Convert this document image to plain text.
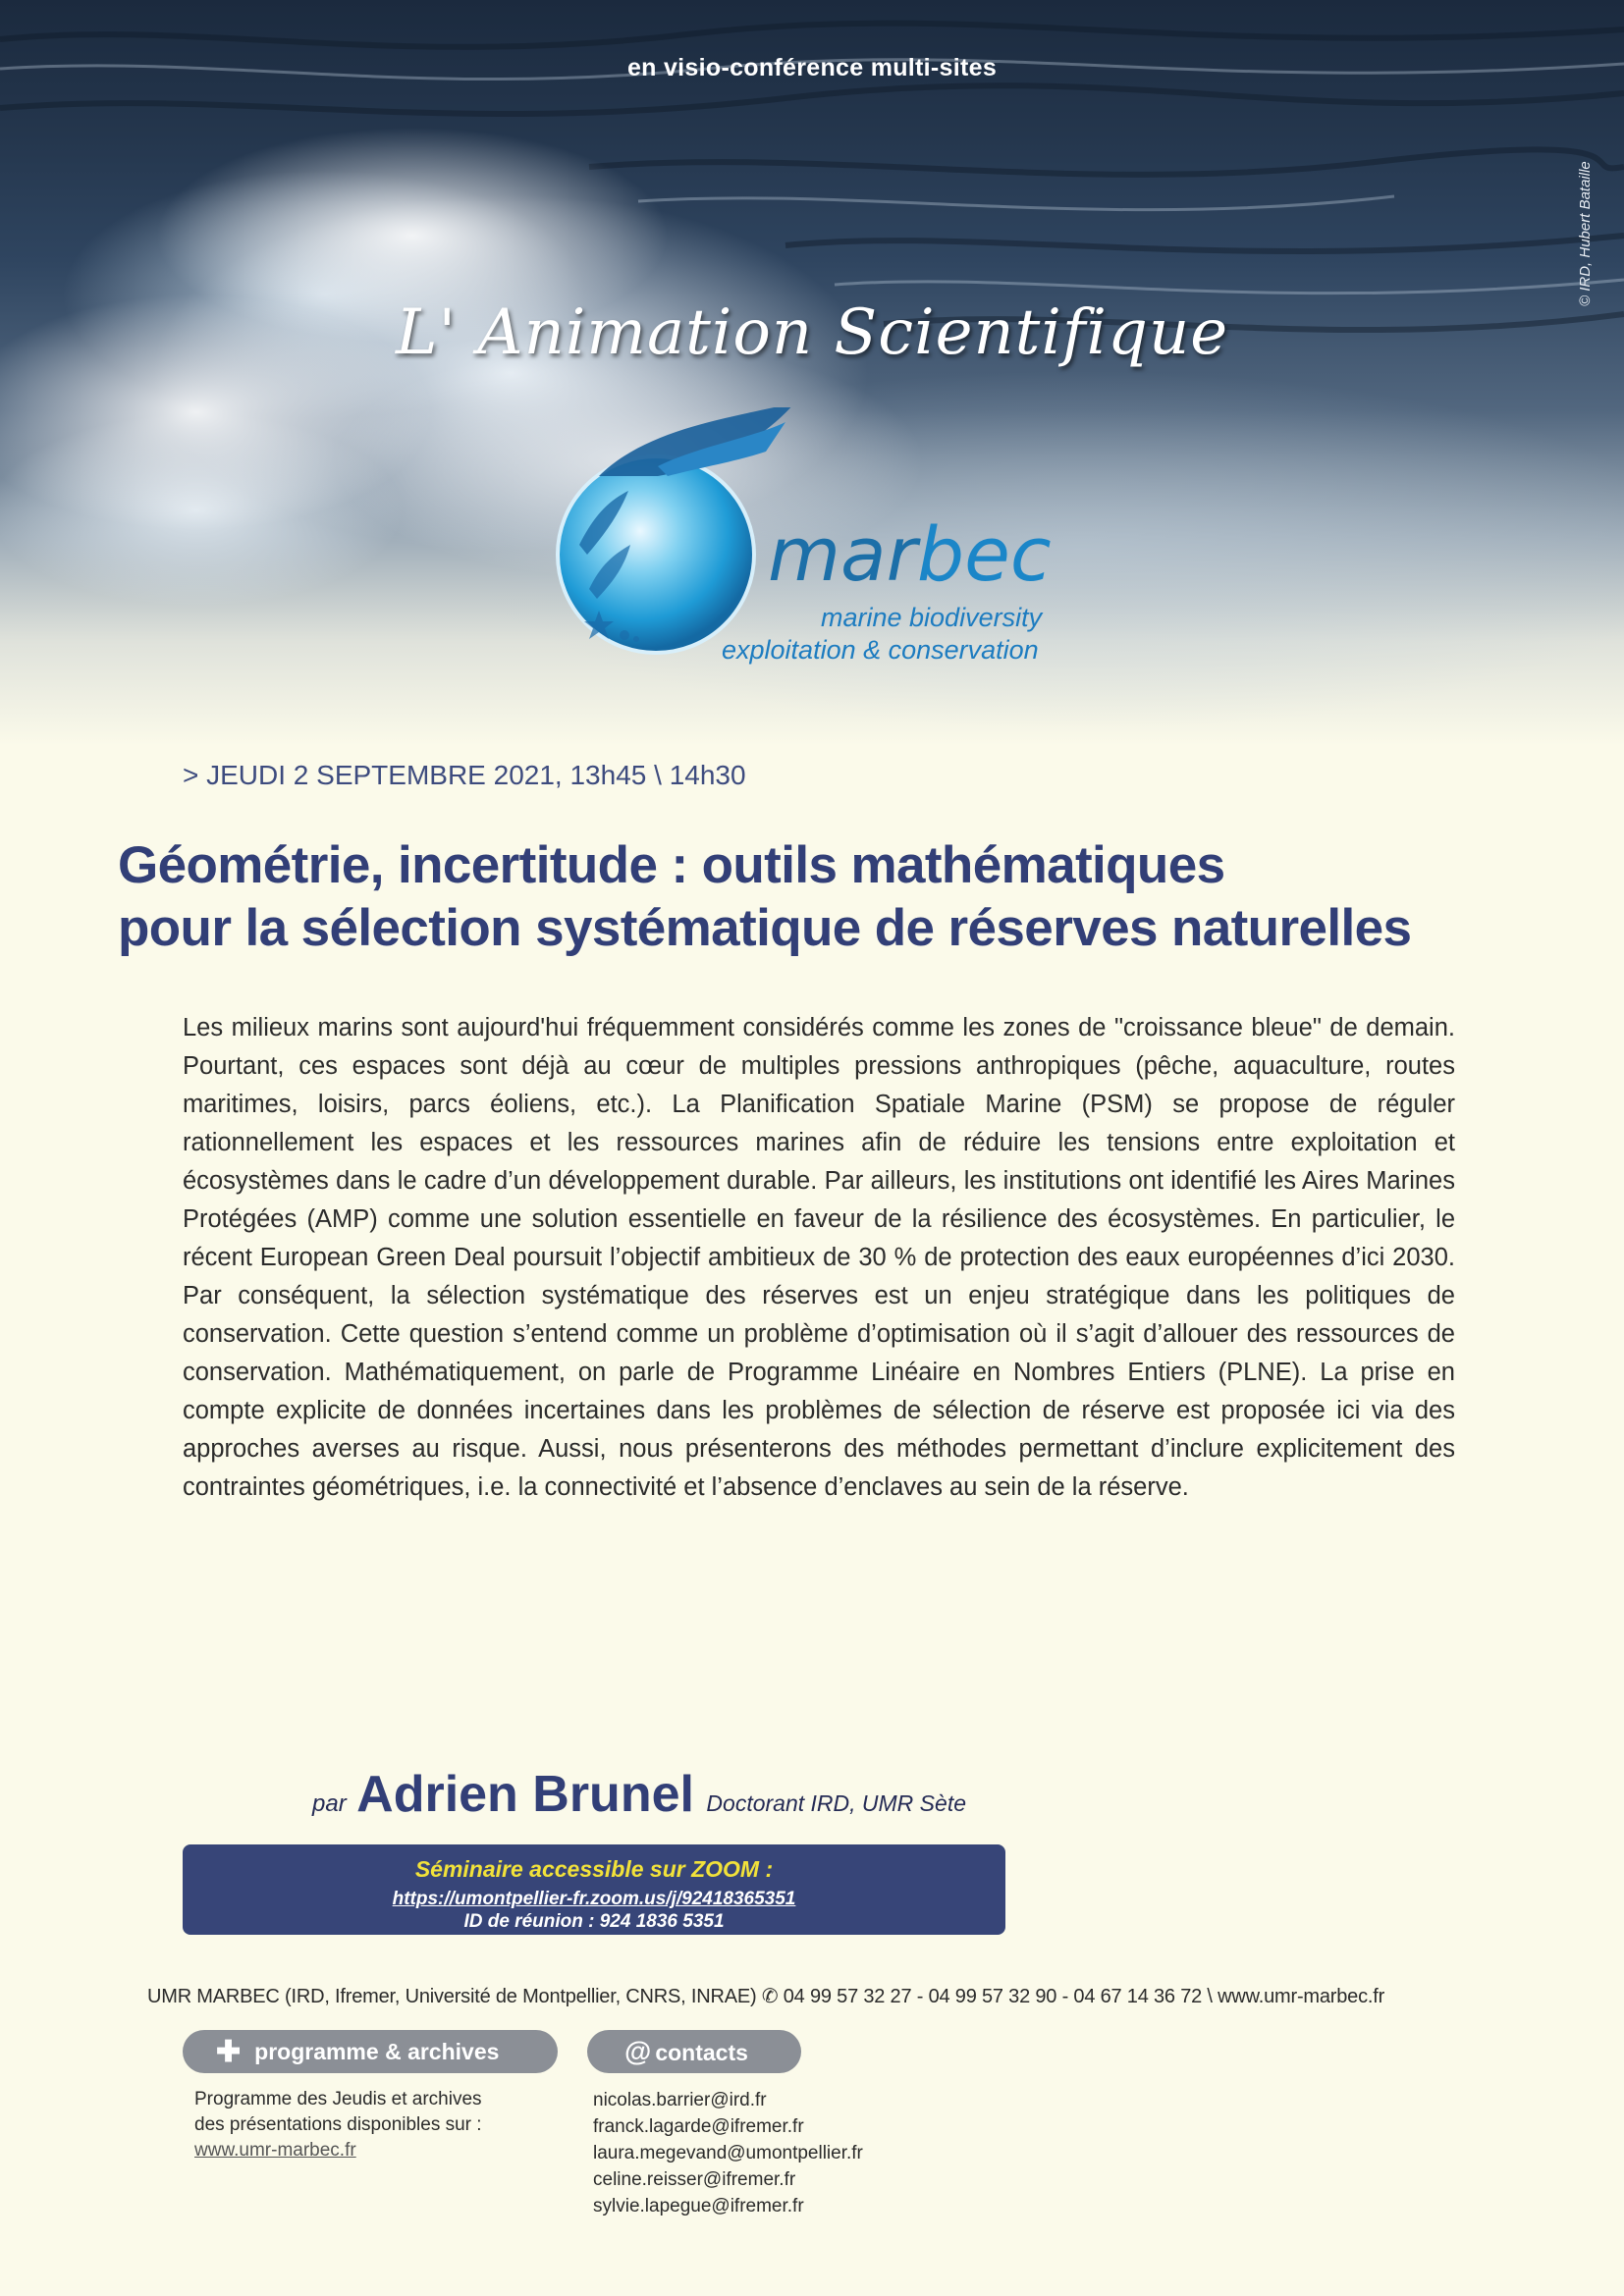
en visio-conférence multi-sites
© IRD, Hubert Bataille
L' Animation Scientifique
marbec
marine biodiversity
exploitation & conservation
> JEUDI 2 SEPTEMBRE 2021, 13h45 \ 14h30
Géométrie, incertitude : outils mathématiques
pour la sélection systématique de réserves naturelles
Les milieux marins sont aujourd'hui fréquemment considérés comme les zones de "croissance bleue" de demain. Pourtant, ces espaces sont déjà au cœur de multiples pressions anthropiques (pêche, aquaculture, routes maritimes, loisirs, parcs éoliens, etc.). La Planification Spatiale Marine (PSM) se propose de réguler rationnellement les espaces et les ressources marines afin de réduire les tensions entre exploitation et écosystèmes dans le cadre d’un développement durable. Par ailleurs, les institutions ont identifié les Aires Marines Protégées (AMP) comme une solution essentielle en faveur de la résilience des écosystèmes. En particulier, le récent European Green Deal poursuit l’objectif ambitieux de 30 % de protection des eaux européennes d’ici 2030. Par conséquent, la sélection systématique des réserves est un enjeu stratégique dans les politiques de conservation. Cette question s’entend comme un problème d’optimisation où il s’agit d’allouer des ressources de conservation. Mathématiquement, on parle de Programme Linéaire en Nombres Entiers (PLNE). La prise en compte explicite de données incertaines dans les problèmes de sélection de réserve est proposée ici via des approches averses au risque. Aussi, nous présenterons des méthodes permettant d’inclure explicitement des contraintes géométriques, i.e. la connectivité et l’absence d’enclaves au sein de la réserve.
par Adrien Brunel Doctorant IRD, UMR Sète
Séminaire accessible sur ZOOM :
https://umontpellier-fr.zoom.us/j/92418365351
ID de réunion : 924 1836 5351
UMR MARBEC (IRD, Ifremer, Université de Montpellier, CNRS, INRAE) ✆ 04 99 57 32 27 - 04 99 57 32 90 - 04 67 14 36 72 \ www.umr-marbec.fr
✚ programme & archives	@ contacts
Programme des Jeudis et archives
des présentations disponibles sur :
www.umr-marbec.fr
nicolas.barrier@ird.fr
franck.lagarde@ifremer.fr
laura.megevand@umontpellier.fr
celine.reisser@ifremer.fr
sylvie.lapegue@ifremer.fr
